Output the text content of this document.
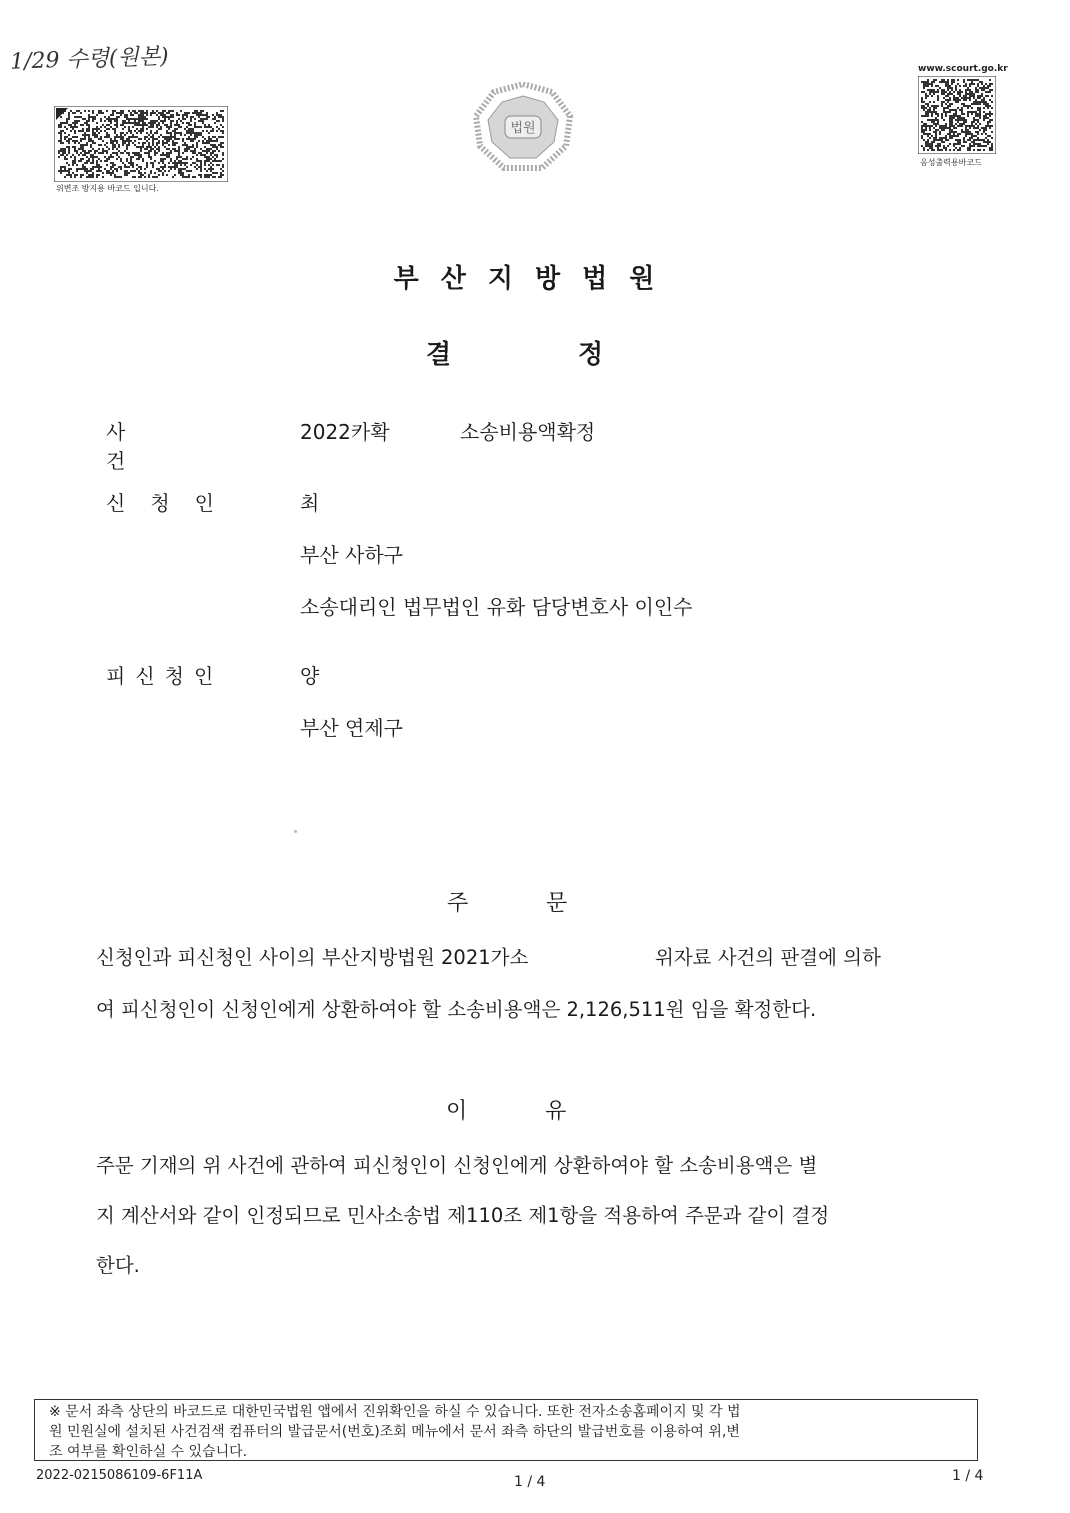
1/29 수령(원본)
위변조 방지용 바코드 입니다.
법원
www.scourt.go.kr
음성출력용바코드
부산지방법원
결	정
사건
2022카확	소송비용액확정
신청인	최
부산 사하구
소송대리인 법무법인 유화 담당변호사 이인수
피신청인	양
부산 연제구
주	문
신청인과 피신청인 사이의 부산지방법원 2021가소	위자료 사건의 판결에 의하
여 피신청인이 신청인에게 상환하여야 할 소송비용액은 2,126,511원 임을 확정한다.
이	유
주문 기재의 위 사건에 관하여 피신청인이 신청인에게 상환하여야 할 소송비용액은 별
지 계산서와 같이 인정되므로 민사소송법 제110조 제1항을 적용하여 주문과 같이 결정
한다.
※ 문서 좌측 상단의 바코드로 대한민국법원 앱에서 진위확인을 하실 수 있습니다. 또한 전자소송홈페이지 및 각 법
원 민원실에 설치된 사건검색 컴퓨터의 발급문서(번호)조회 메뉴에서 문서 좌측 하단의 발급번호를 이용하여 위,변
조 여부를 확인하실 수 있습니다.
2022-0215086109-6F11A	1 / 4	1 / 4
